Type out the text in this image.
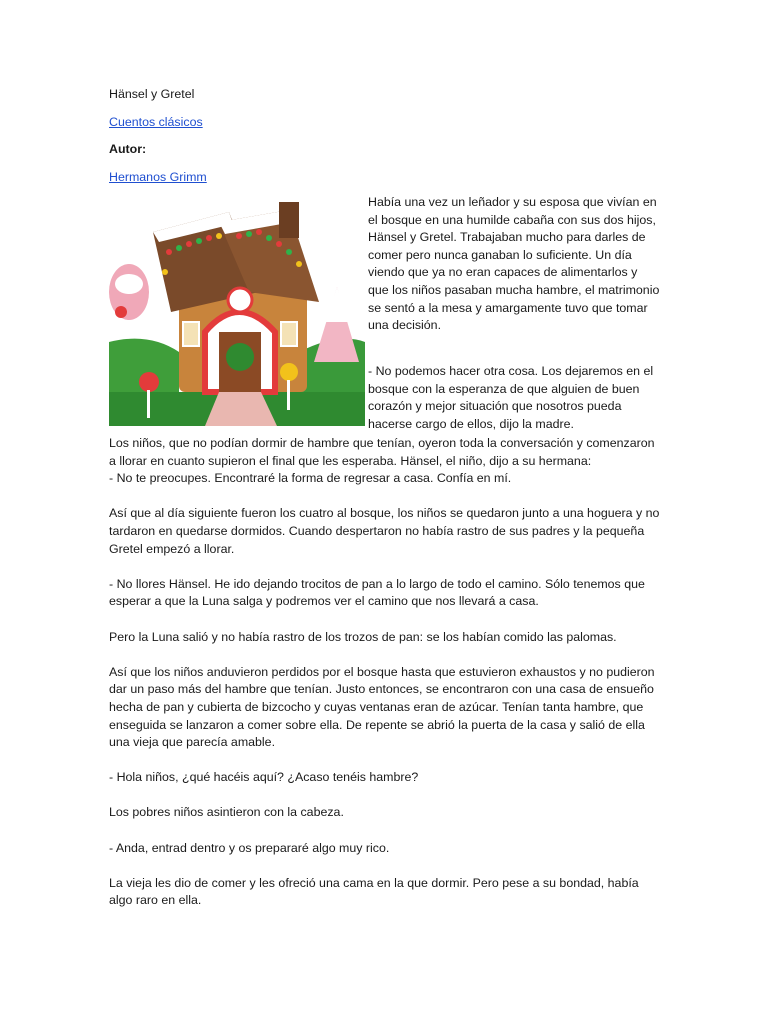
Hänsel y Gretel

Cuentos clásicos

Autor:

Hermanos Grimm

Había una vez un leñador y su esposa que vivían en el bosque en una humilde cabaña con sus dos hijos, Hänsel y Gretel. Trabajaban mucho para darles de comer pero nunca ganaban lo suficiente. Un día viendo que ya no eran capaces de alimentarlos y que los niños pasaban mucha hambre, el matrimonio se sentó a la mesa y amargamente tuvo que tomar una decisión.

- No podemos hacer otra cosa. Los dejaremos en el bosque con la esperanza de que alguien de buen corazón y mejor situación que nosotros pueda hacerse cargo de ellos, dijo la madre.

Los niños, que no podían dormir de hambre que tenían, oyeron toda la conversación y comenzaron a llorar en cuanto supieron el final que les esperaba. Hänsel, el niño, dijo a su hermana:
- No te preocupes. Encontraré la forma de regresar a casa. Confía en mí.

Así que al día siguiente fueron los cuatro al bosque, los niños se quedaron junto a una hoguera y no tardaron en quedarse dormidos. Cuando despertaron no había rastro de sus padres y la pequeña Gretel empezó a llorar.

- No llores Hänsel. He ido dejando trocitos de pan a lo largo de todo el camino. Sólo tenemos que esperar a que la Luna salga y podremos ver el camino que nos llevará a casa.

Pero la Luna salió y no había rastro de los trozos de pan: se los habían comido las palomas.

Así que los niños anduvieron perdidos por el bosque hasta que estuvieron exhaustos y no pudieron dar un paso más del hambre que tenían. Justo entonces, se encontraron con una casa de ensueño hecha de pan y cubierta de bizcocho y cuyas ventanas eran de azúcar. Tenían tanta hambre, que enseguida se lanzaron a comer sobre ella. De repente se abrió la puerta de la casa y salió de ella una vieja que parecía amable.

- Hola niños, ¿qué hacéis aquí? ¿Acaso tenéis hambre?

Los pobres niños asintieron con la cabeza.

- Anda, entrad dentro y os prepararé algo muy rico.

La vieja les dio de comer y les ofreció una cama en la que dormir. Pero pese a su bondad, había algo raro en ella.
